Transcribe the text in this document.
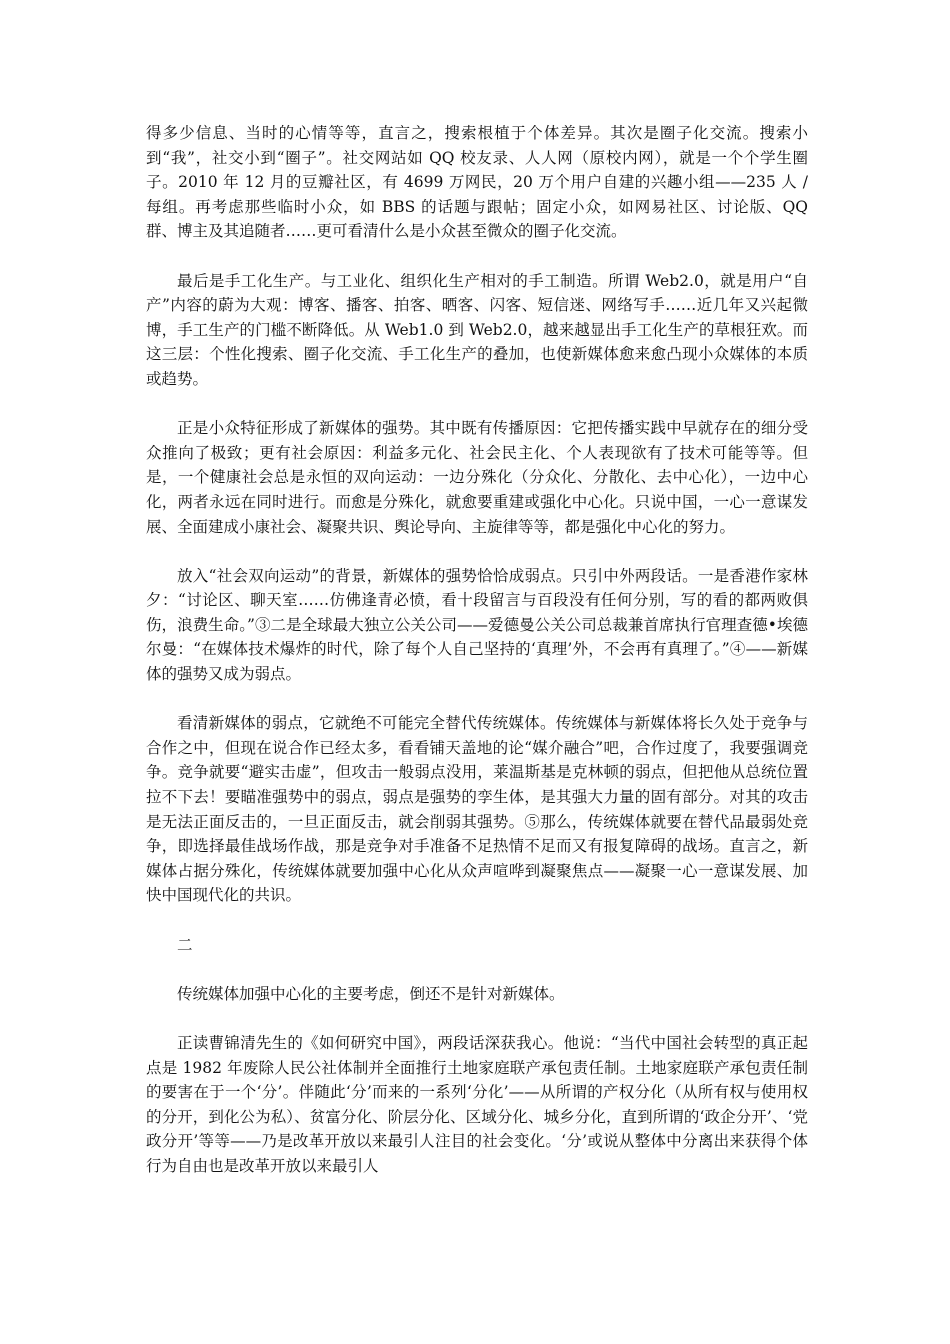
得多少信息、当时的心情等等，直言之，搜索根植于个体差异。其次是圈子化交流。搜索小到“我”，社交小到“圈子”。社交网站如 QQ 校友录、人人网（原校内网），就是一个个学生圈子。2010 年 12 月的豆瓣社区，有 4699 万网民，20 万个用户自建的兴趣小组——235 人 / 每组。再考虑那些临时小众，如 BBS 的话题与跟帖；固定小众，如网易社区、讨论版、QQ 群、博主及其追随者……更可看清什么是小众甚至微众的圈子化交流。

最后是手工化生产。与工业化、组织化生产相对的手工制造。所谓 Web2.0，就是用户“自产”内容的蔚为大观：博客、播客、拍客、晒客、闪客、短信迷、网络写手……近几年又兴起微博，手工生产的门槛不断降低。从 Web1.0 到 Web2.0，越来越显出手工化生产的草根狂欢。而这三层：个性化搜索、圈子化交流、手工化生产的叠加，也使新媒体愈来愈凸现小众媒体的本质或趋势。

正是小众特征形成了新媒体的强势。其中既有传播原因：它把传播实践中早就存在的细分受众推向了极致；更有社会原因：利益多元化、社会民主化、个人表现欲有了技术可能等等。但是，一个健康社会总是永恒的双向运动：一边分殊化（分众化、分散化、去中心化），一边中心化，两者永远在同时进行。而愈是分殊化，就愈要重建或强化中心化。只说中国，一心一意谋发展、全面建成小康社会、凝聚共识、舆论导向、主旋律等等，都是强化中心化的努力。

放入“社会双向运动”的背景，新媒体的强势恰恰成弱点。只引中外两段话。一是香港作家林夕：“讨论区、聊天室……仿佛逢青必愤，看十段留言与百段没有任何分别，写的看的都两败俱伤，浪费生命。”③二是全球最大独立公关公司——爱德曼公关公司总裁兼首席执行官理查德•埃德尔曼：“在媒体技术爆炸的时代，除了每个人自己坚持的‘真理’外，不会再有真理了。”④——新媒体的强势又成为弱点。

看清新媒体的弱点，它就绝不可能完全替代传统媒体。传统媒体与新媒体将长久处于竞争与合作之中，但现在说合作已经太多，看看铺天盖地的论“媒介融合”吧，合作过度了，我要强调竞争。竞争就要“避实击虚”，但攻击一般弱点没用，莱温斯基是克林顿的弱点，但把他从总统位置拉不下去！要瞄准强势中的弱点，弱点是强势的孪生体，是其强大力量的固有部分。对其的攻击是无法正面反击的，一旦正面反击，就会削弱其强势。⑤那么，传统媒体就要在替代品最弱处竞争，即选择最佳战场作战，那是竞争对手准备不足热情不足而又有报复障碍的战场。直言之，新媒体占据分殊化，传统媒体就要加强中心化从众声喧哗到凝聚焦点——凝聚一心一意谋发展、加快中国现代化的共识。

二

传统媒体加强中心化的主要考虑，倒还不是针对新媒体。

正读曹锦清先生的《如何研究中国》，两段话深获我心。他说：“当代中国社会转型的真正起点是 1982 年废除人民公社体制并全面推行土地家庭联产承包责任制。土地家庭联产承包责任制的要害在于一个‘分’。伴随此‘分’而来的一系列‘分化’——从所谓的产权分化（从所有权与使用权的分开，到化公为私）、贫富分化、阶层分化、区域分化、城乡分化，直到所谓的‘政企分开’、‘党政分开’等等——乃是改革开放以来最引人注目的社会变化。‘分’或说从整体中分离出来获得个体行为自由也是改革开放以来最引人
